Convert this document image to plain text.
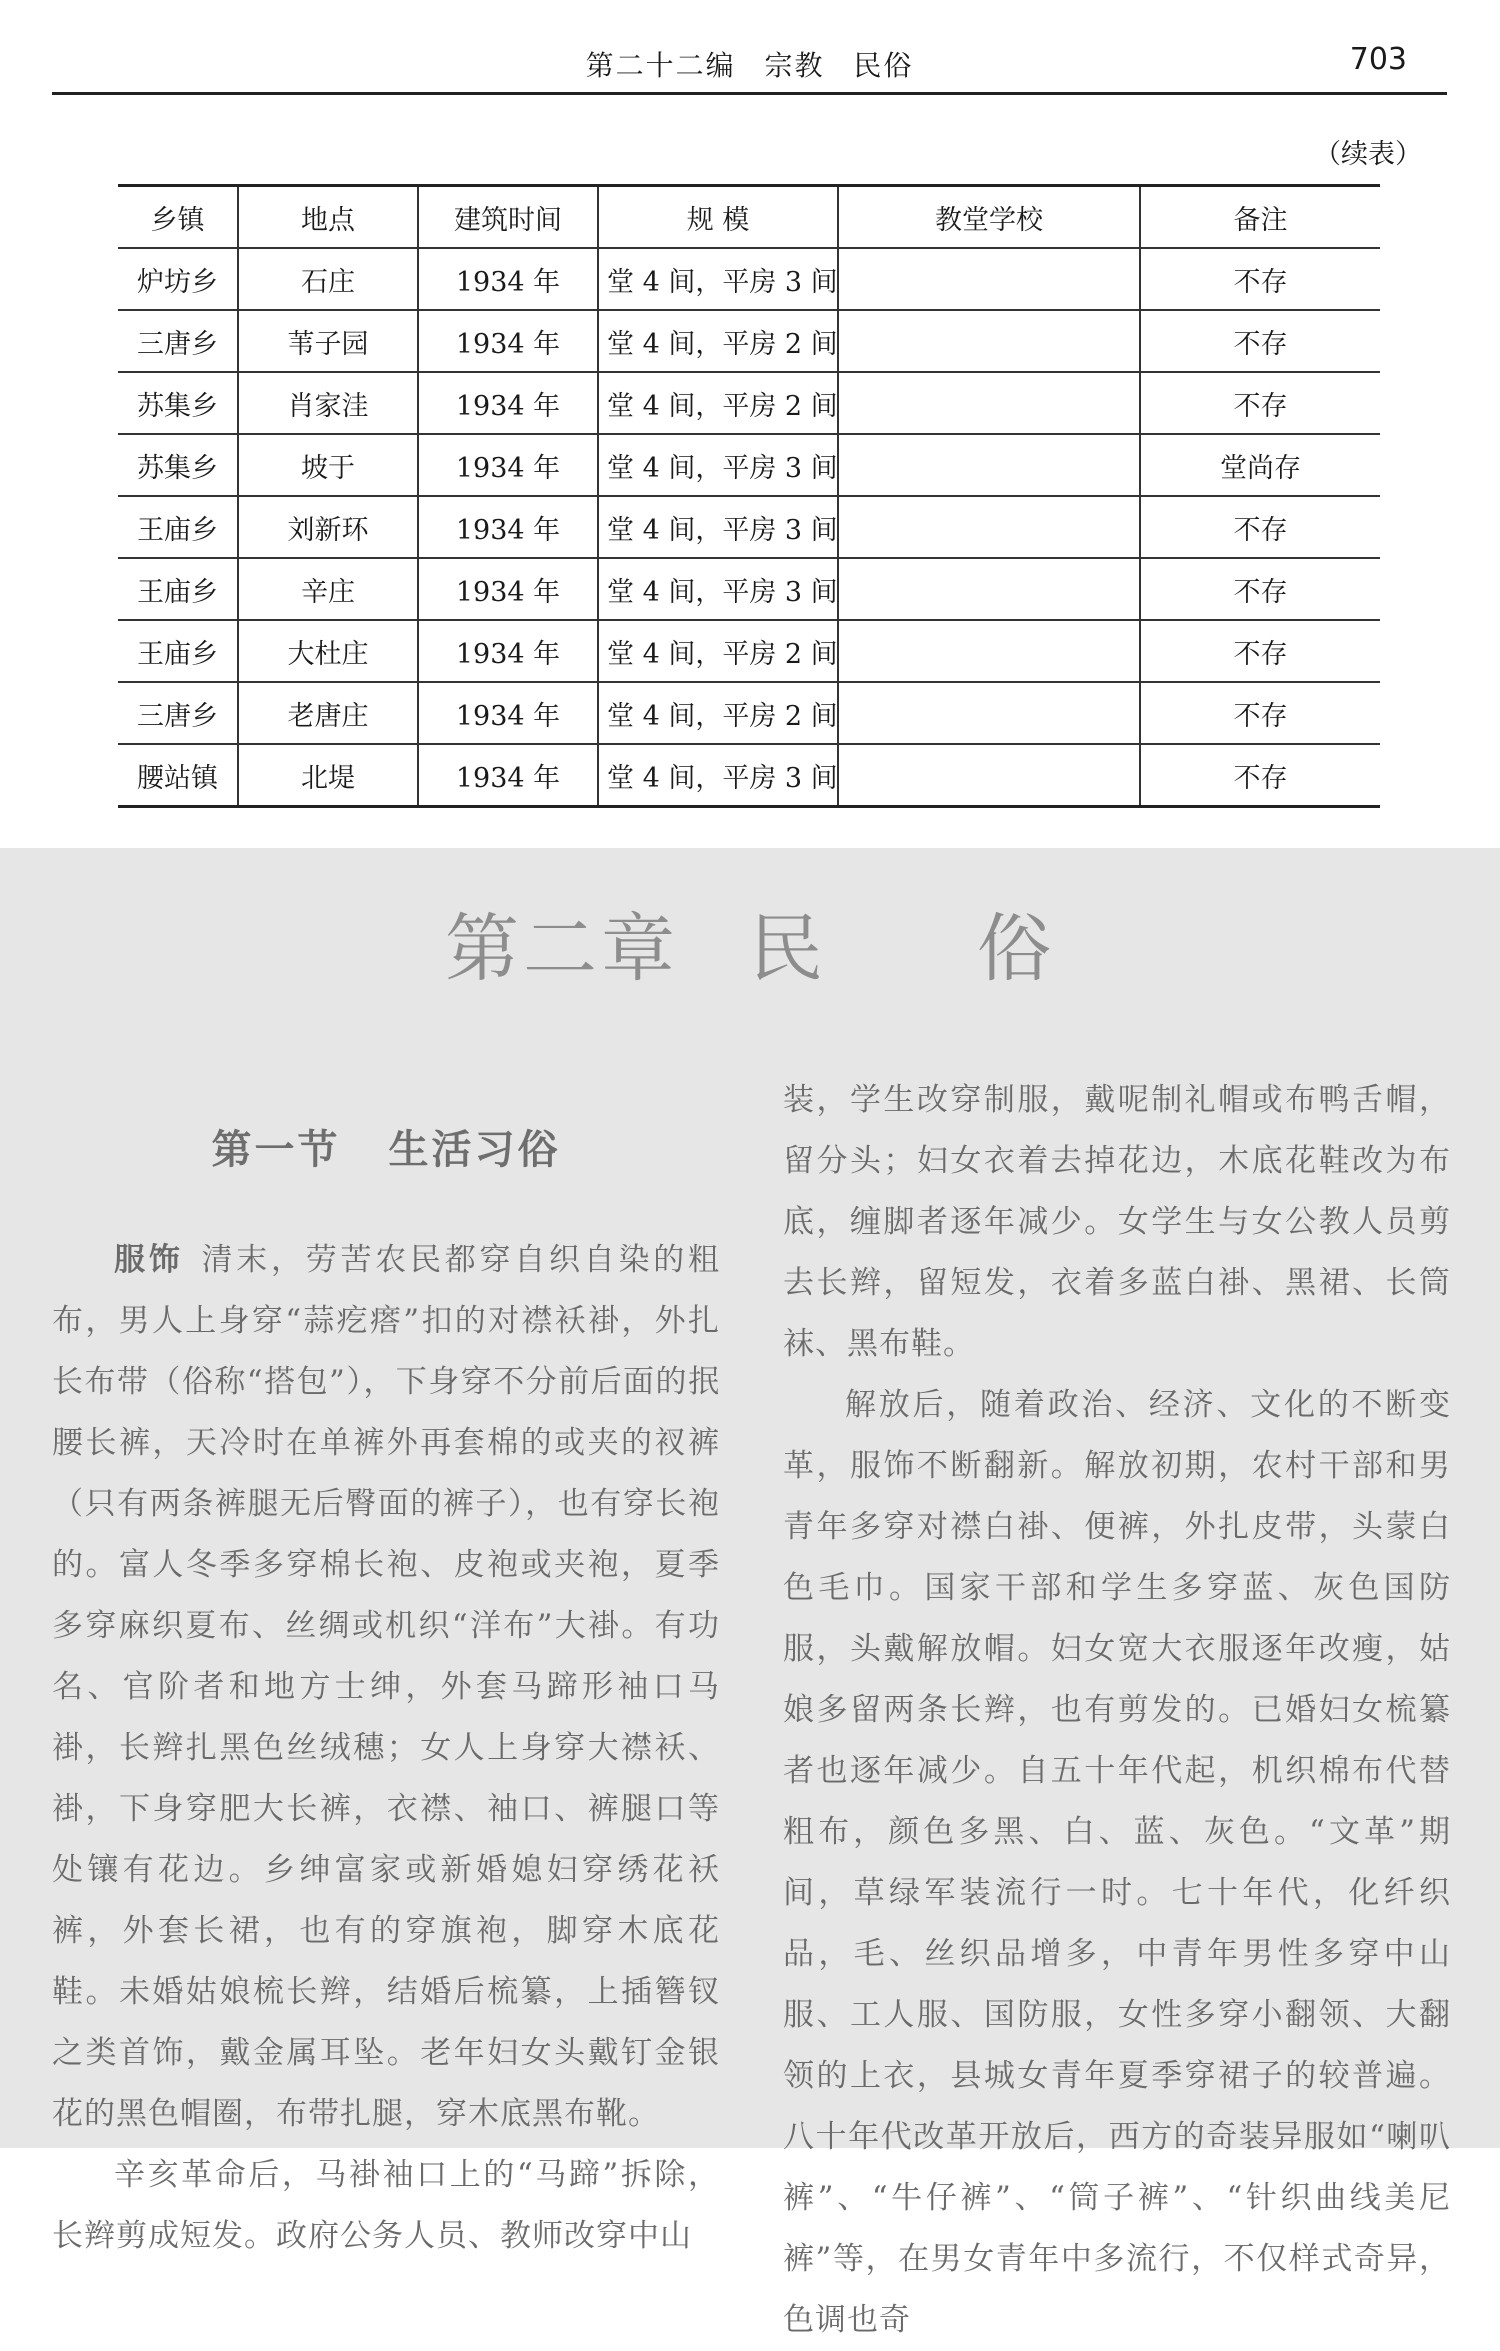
第二十二编 宗教 民俗	703
（续表）
乡镇	地点	建筑时间	规 模	教堂学校	备注
炉坊乡	石庄	1934 年	堂 4 间，平房 3 间		不存
三唐乡	苇子园	1934 年	堂 4 间，平房 2 间		不存
苏集乡	肖家洼	1934 年	堂 4 间，平房 2 间		不存
苏集乡	坡于	1934 年	堂 4 间，平房 3 间		堂尚存
王庙乡	刘新环	1934 年	堂 4 间，平房 3 间		不存
王庙乡	辛庄	1934 年	堂 4 间，平房 3 间		不存
王庙乡	大杜庄	1934 年	堂 4 间，平房 2 间		不存
三唐乡	老唐庄	1934 年	堂 4 间，平房 2 间		不存
腰站镇	北堤	1934 年	堂 4 间，平房 3 间		不存
第二章 民 俗
第一节 生活习俗

服饰 清末，劳苦农民都穿自织自染的粗布，男人上身穿“蒜疙瘩”扣的对襟袄褂，外扎长布带（俗称“搭包”），下身穿不分前后面的抿腰长裤，天冷时在单裤外再套棉的或夹的衩裤（只有两条裤腿无后臀面的裤子），也有穿长袍的。富人冬季多穿棉长袍、皮袍或夹袍，夏季多穿麻织夏布、丝绸或机织“洋布”大褂。有功名、官阶者和地方士绅，外套马蹄形袖口马褂，长辫扎黑色丝绒穗；女人上身穿大襟袄、褂，下身穿肥大长裤，衣襟、袖口、裤腿口等处镶有花边。乡绅富家或新婚媳妇穿绣花袄裤，外套长裙，也有的穿旗袍，脚穿木底花鞋。未婚姑娘梳长辫，结婚后梳纂，上插簪钗之类首饰，戴金属耳坠。老年妇女头戴钉金银花的黑色帽圈，布带扎腿，穿木底黑布靴。

辛亥革命后，马褂袖口上的“马蹄”拆除，长辫剪成短发。政府公务人员、教师改穿中山

装，学生改穿制服，戴呢制礼帽或布鸭舌帽，留分头；妇女衣着去掉花边，木底花鞋改为布底，缠脚者逐年减少。女学生与女公教人员剪去长辫，留短发，衣着多蓝白褂、黑裙、长筒袜、黑布鞋。

解放后，随着政治、经济、文化的不断变革，服饰不断翻新。解放初期，农村干部和男青年多穿对襟白褂、便裤，外扎皮带，头蒙白色毛巾。国家干部和学生多穿蓝、灰色国防服，头戴解放帽。妇女宽大衣服逐年改瘦，姑娘多留两条长辫，也有剪发的。已婚妇女梳纂者也逐年减少。自五十年代起，机织棉布代替粗布，颜色多黑、白、蓝、灰色。“文革”期间，草绿军装流行一时。七十年代，化纤织品，毛、丝织品增多，中青年男性多穿中山服、工人服、国防服，女性多穿小翻领、大翻领的上衣，县城女青年夏季穿裙子的较普遍。八十年代改革开放后，西方的奇装异服如“喇叭裤”、“牛仔裤”、“筒子裤”、“针织曲线美尼裤”等，在男女青年中多流行，不仅样式奇异，色调也奇
